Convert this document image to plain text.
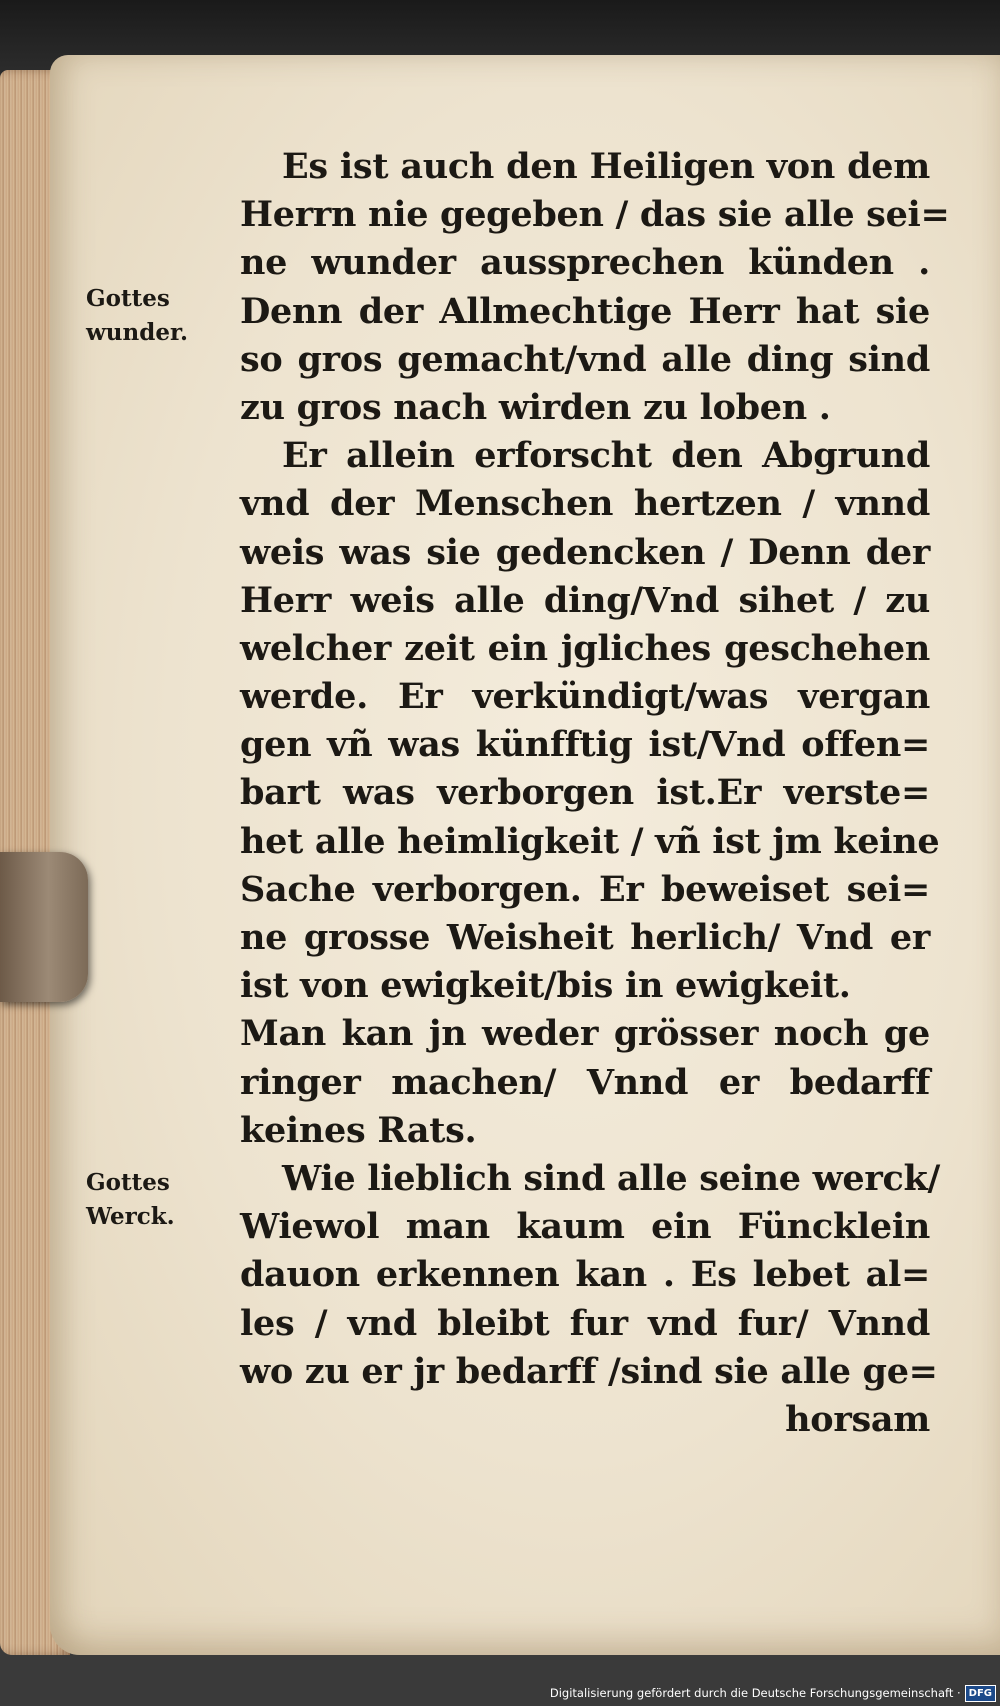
Gottes
wunder.
Gottes
Werck.
Es ist auch den Heiligen von dem
Herrn nie gegeben / das sie alle sei=
ne wunder aussprechen künden .
Denn der Allmechtige Herr hat sie
so gros gemacht/vnd alle ding sind
zu gros nach wirden zu loben .
Er allein erforscht den Abgrund
vnd der Menschen hertzen / vnnd
weis was sie gedencken / Denn der
Herr weis alle ding/Vnd sihet / zu
welcher zeit ein jgliches geschehen
werde. Er verkündigt/was vergan
gen vñ was künfftig ist/Vnd offen=
bart was verborgen ist.Er verste=
het alle heimligkeit / vñ ist jm keine
Sache verborgen. Er beweiset sei=
ne grosse Weisheit herlich/ Vnd er
ist von ewigkeit/bis in ewigkeit.
Man kan jn weder grösser noch ge
ringer machen/ Vnnd er bedarff
keines Rats.
Wie lieblich sind alle seine werck/
Wiewol man kaum ein Füncklein
dauon erkennen kan . Es lebet al=
les / vnd bleibt fur vnd fur/ Vnnd
wo zu er jr bedarff /sind sie alle ge=
horsam
Digitalisierung gefördert durch die Deutsche Forschungsgemeinschaft · DFG
